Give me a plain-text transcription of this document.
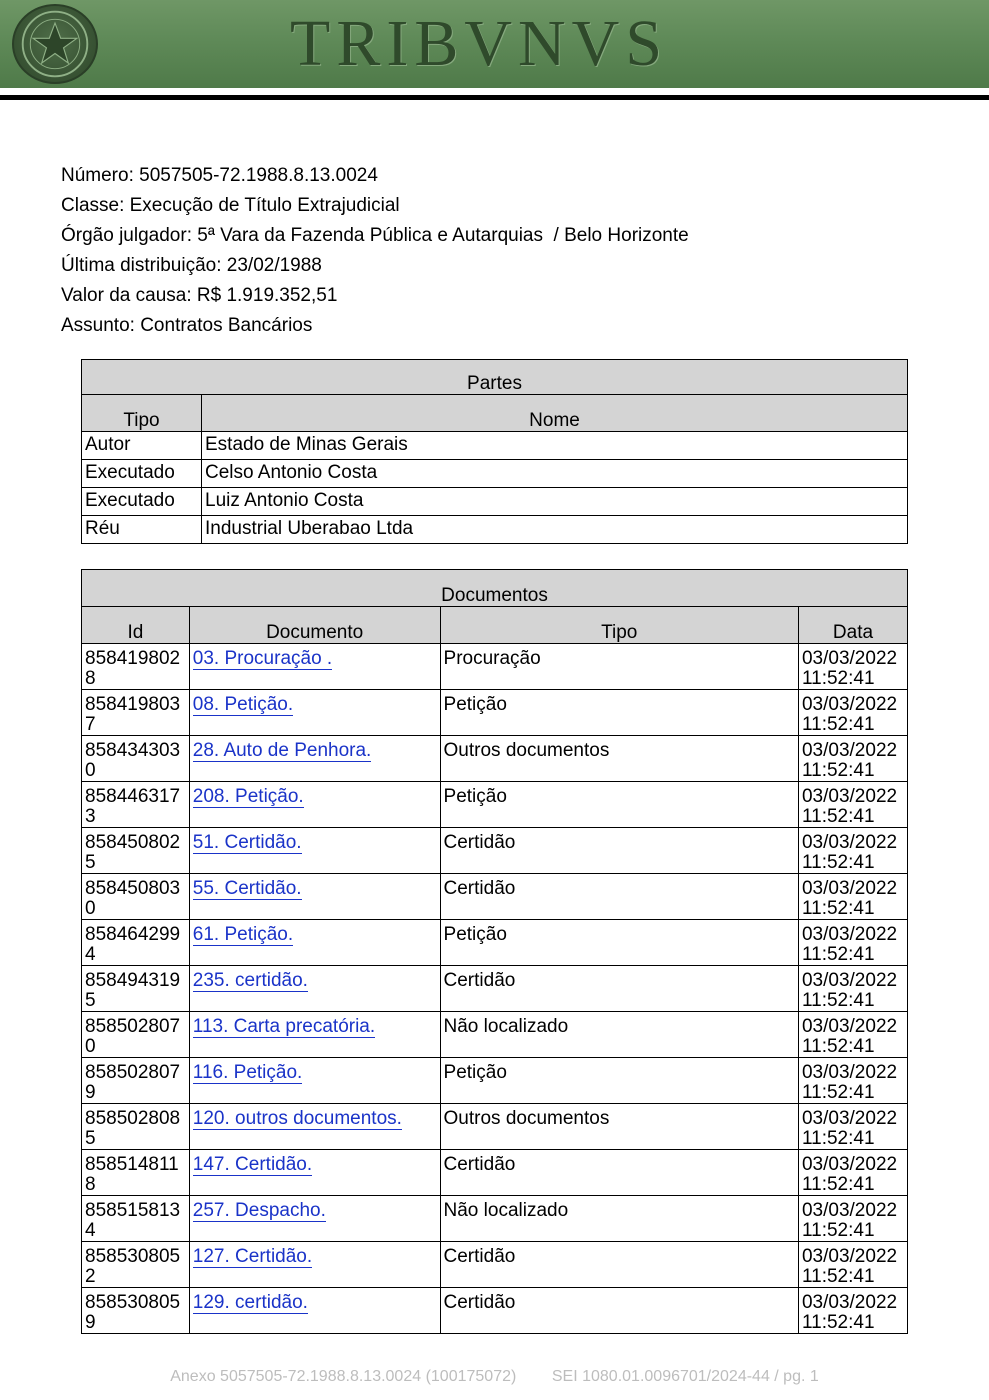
TRIBVNVS
Número: 5057505-72.1988.8.13.0024
Classe: Execução de Título Extrajudicial
Órgão julgador: 5ª Vara da Fazenda Pública e Autarquias  / Belo Horizonte
Última distribuição: 23/02/1988
Valor da causa: R$ 1.919.352,51
Assunto: Contratos Bancários
Partes	
Tipo	Nome
Autor	Estado de Minas Gerais
Executado	Celso Antonio Costa
Executado	Luiz Antonio Costa
Réu	Industrial Uberabao Ltda
Documentos			
Id	Documento	Tipo	Data
8584198028	03. Procuração .	Procuração	03/03/2022 11:52:41
8584198037	08. Petição.	Petição	03/03/2022 11:52:41
8584343030	28. Auto de Penhora.	Outros documentos	03/03/2022 11:52:41
8584463173	208. Petição.	Petição	03/03/2022 11:52:41
8584508025	51. Certidão.	Certidão	03/03/2022 11:52:41
8584508030	55. Certidão.	Certidão	03/03/2022 11:52:41
8584642994	61. Petição.	Petição	03/03/2022 11:52:41
8584943195	235. certidão.	Certidão	03/03/2022 11:52:41
8585028070	113. Carta precatória.	Não localizado	03/03/2022 11:52:41
8585028079	116. Petição.	Petição	03/03/2022 11:52:41
8585028085	120. outros documentos.	Outros documentos	03/03/2022 11:52:41
8585148118	147. Certidão.	Certidão	03/03/2022 11:52:41
8585158134	257. Despacho.	Não localizado	03/03/2022 11:52:41
8585308052	127. Certidão.	Certidão	03/03/2022 11:52:41
8585308059	129. certidão.	Certidão	03/03/2022 11:52:41
Anexo 5057505-72.1988.8.13.0024 (100175072) SEI 1080.01.0096701/2024-44 / pg. 1
